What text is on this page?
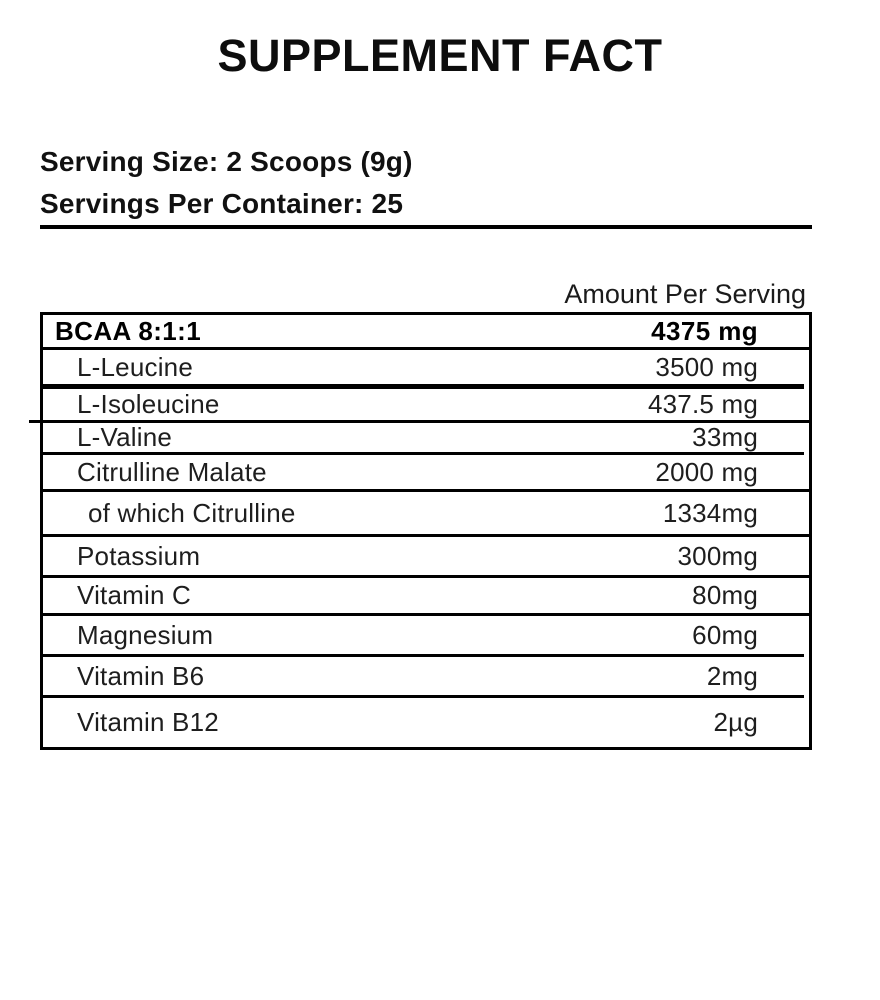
SUPPLEMENT FACT
Serving Size: 2 Scoops (9g)
Servings Per Container: 25
Amount Per Serving
BCAA 8:1:1	4375 mg
L-Leucine	3500 mg
L-Isoleucine	437.5 mg
L-Valine	33mg
Citrulline Malate	2000 mg
of which Citrulline	1334mg
Potassium	300mg
Vitamin C	80mg
Magnesium	60mg
Vitamin B6	2mg
Vitamin B12	2µg
